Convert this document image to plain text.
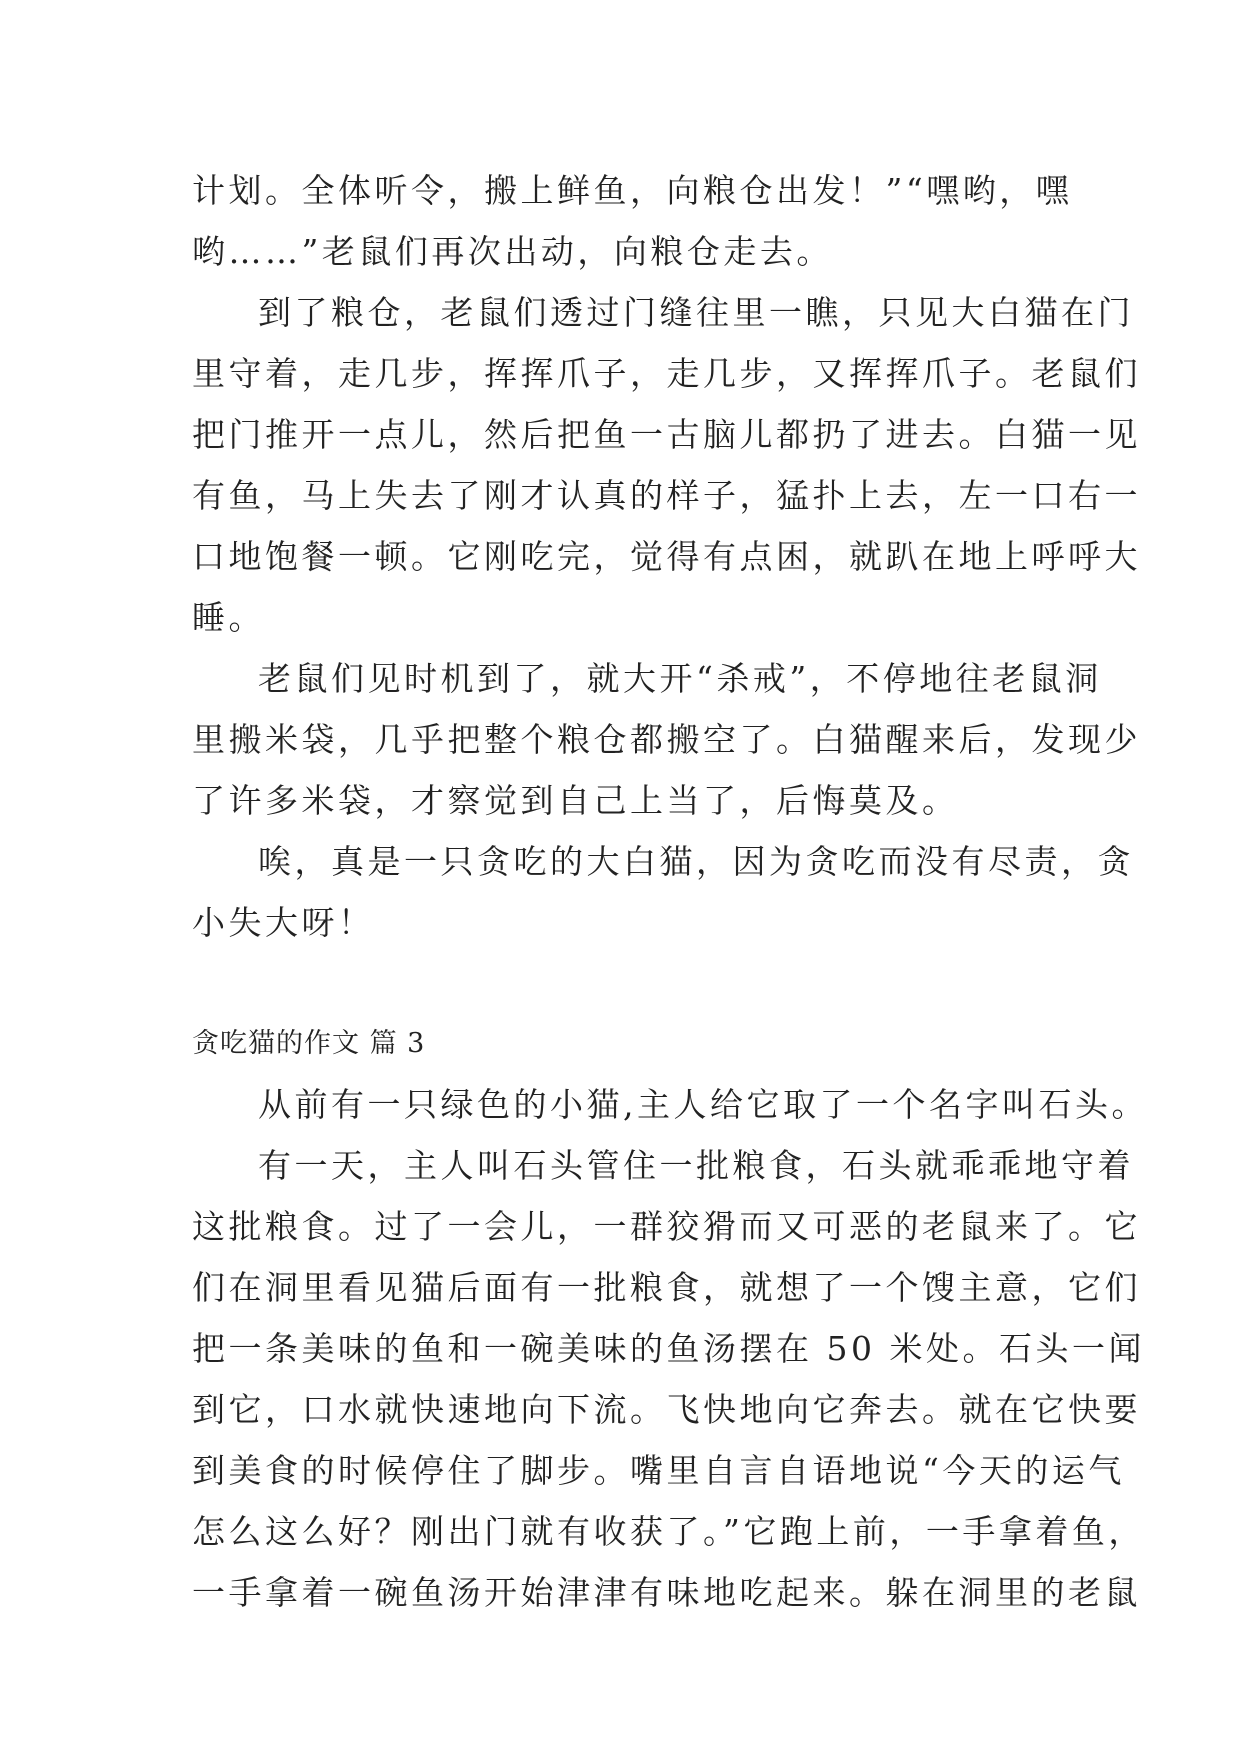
计划。全体听令，搬上鲜鱼，向粮仓出发！”“嘿哟，嘿
哟……”老鼠们再次出动，向粮仓走去。
到了粮仓，老鼠们透过门缝往里一瞧，只见大白猫在门
里守着，走几步，挥挥爪子，走几步，又挥挥爪子。老鼠们
把门推开一点儿，然后把鱼一古脑儿都扔了进去。白猫一见
有鱼，马上失去了刚才认真的样子，猛扑上去，左一口右一
口地饱餐一顿。它刚吃完，觉得有点困，就趴在地上呼呼大
睡。
老鼠们见时机到了，就大开“杀戒”，不停地往老鼠洞
里搬米袋，几乎把整个粮仓都搬空了。白猫醒来后，发现少
了许多米袋，才察觉到自己上当了，后悔莫及。
唉，真是一只贪吃的大白猫，因为贪吃而没有尽责，贪
小失大呀！
贪吃猫的作文 篇 3
从前有一只绿色的小猫,主人给它取了一个名字叫石头。
有一天，主人叫石头管住一批粮食，石头就乖乖地守着
这批粮食。过了一会儿，一群狡猾而又可恶的老鼠来了。它
们在洞里看见猫后面有一批粮食，就想了一个馊主意，它们
把一条美味的鱼和一碗美味的鱼汤摆在 50 米处。石头一闻
到它，口水就快速地向下流。飞快地向它奔去。就在它快要
到美食的时候停住了脚步。嘴里自言自语地说“今天的运气
怎么这么好？刚出门就有收获了。”它跑上前，一手拿着鱼，
一手拿着一碗鱼汤开始津津有味地吃起来。躲在洞里的老鼠
